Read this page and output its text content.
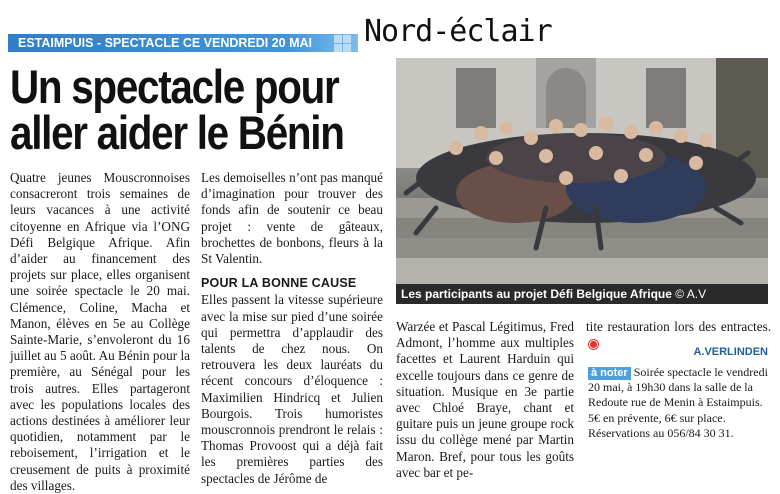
ESTAIMPUIS - SPECTACLE CE VENDREDI 20 MAI	Nord-éclair
Un spectacle pour
aller aider le Bénin

Quatre jeunes Mouscronnoises consacreront trois semaines de leurs vacances à une activité citoyenne en Afrique via l’ONG Défi Belgique Afrique. Afin d’aider au financement des projets sur place, elles organisent une soirée spectacle le 20 mai. Clémence, Coline, Macha et Manon, élèves en 5e au Collège Sainte-Marie, s’envoleront du 16 juillet au 5 août. Au Bénin pour la première, au Sénégal pour les trois autres. Elles partageront avec les populations locales des actions destinées à améliorer leur quotidien, notamment par le reboisement, l’irrigation et le creusement de puits à proximité des villages.

Les demoiselles n’ont pas manqué d’imagination pour trouver des fonds afin de soutenir ce beau projet : vente de gâteaux, brochettes de bonbons, fleurs à la St Valentin.

POUR LA BONNE CAUSE

Elles passent la vitesse supérieure avec la mise sur pied d’une soirée qui permettra d’applaudir des talents de chez nous. On retrouvera les deux lauréats du récent concours d’éloquence : Maximilien Hindricq et Julien Bourgois. Trois humoristes mouscronnois prendront le relais : Thomas Provoost qui a déjà fait les premières parties des spectacles de Jérôme de

Les participants au projet Défi Belgique Afrique © A.V

Warzée et Pascal Légitimus, Fred Admont, l’homme aux multiples facettes et Laurent Harduin qui excelle toujours dans ce genre de situation. Musique en 3e partie avec Chloé Braye, chant et guitare puis un jeune groupe rock issu du collège mené par Martin Maron. Bref, pour tous les goûts avec bar et pe-

tite restauration lors des entractes.

A.VERLINDEN
à noter Soirée spectacle le vendredi 20 mai, à 19h30 dans la salle de la Redoute rue de Menin à Estaimpuis. 5€ en prévente, 6€ sur place. Réservations au 056/84 30 31.
